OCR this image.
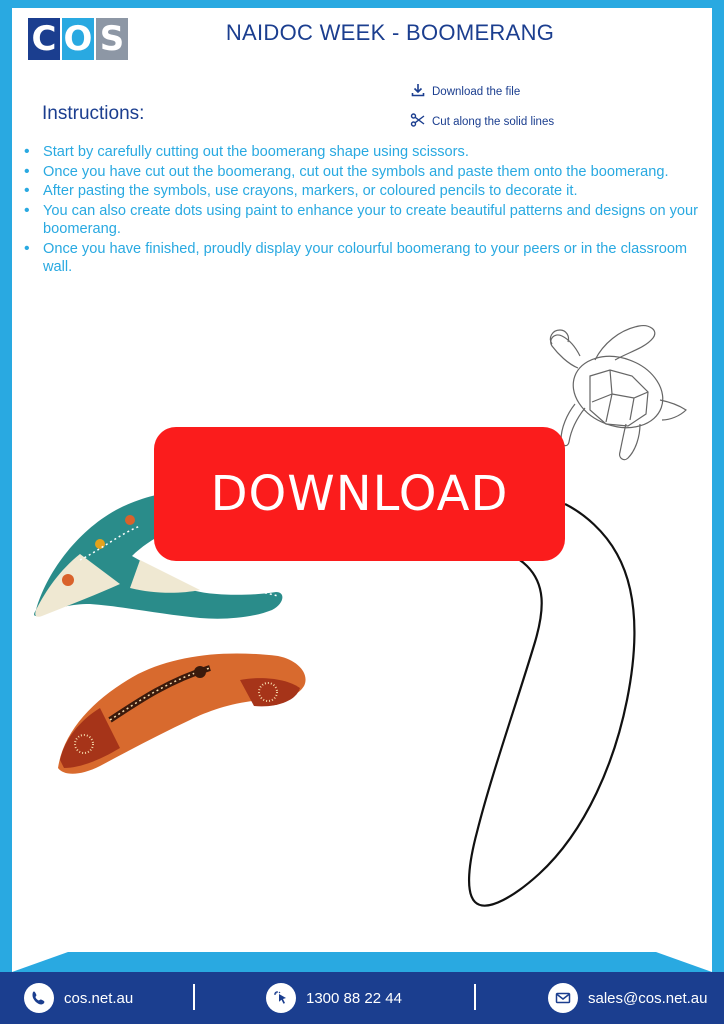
C O S	NAIDOC WEEK - BOOMERANG
Download the file
Cut along the solid lines
Instructions:
• Start by carefully cutting out the boomerang shape using scissors.
• Once you have cut out the boomerang, cut out the symbols and paste them onto the boomerang.
• After pasting the symbols, use crayons, markers, or coloured pencils to decorate it.
• You can also create dots using paint to enhance your to create beautiful patterns and designs on your boomerang.
• Once you have finished, proudly display your colourful boomerang to your peers or in the classroom wall.
DOWNLOAD
cos.net.au	1300 88 22 44	sales@cos.net.au
